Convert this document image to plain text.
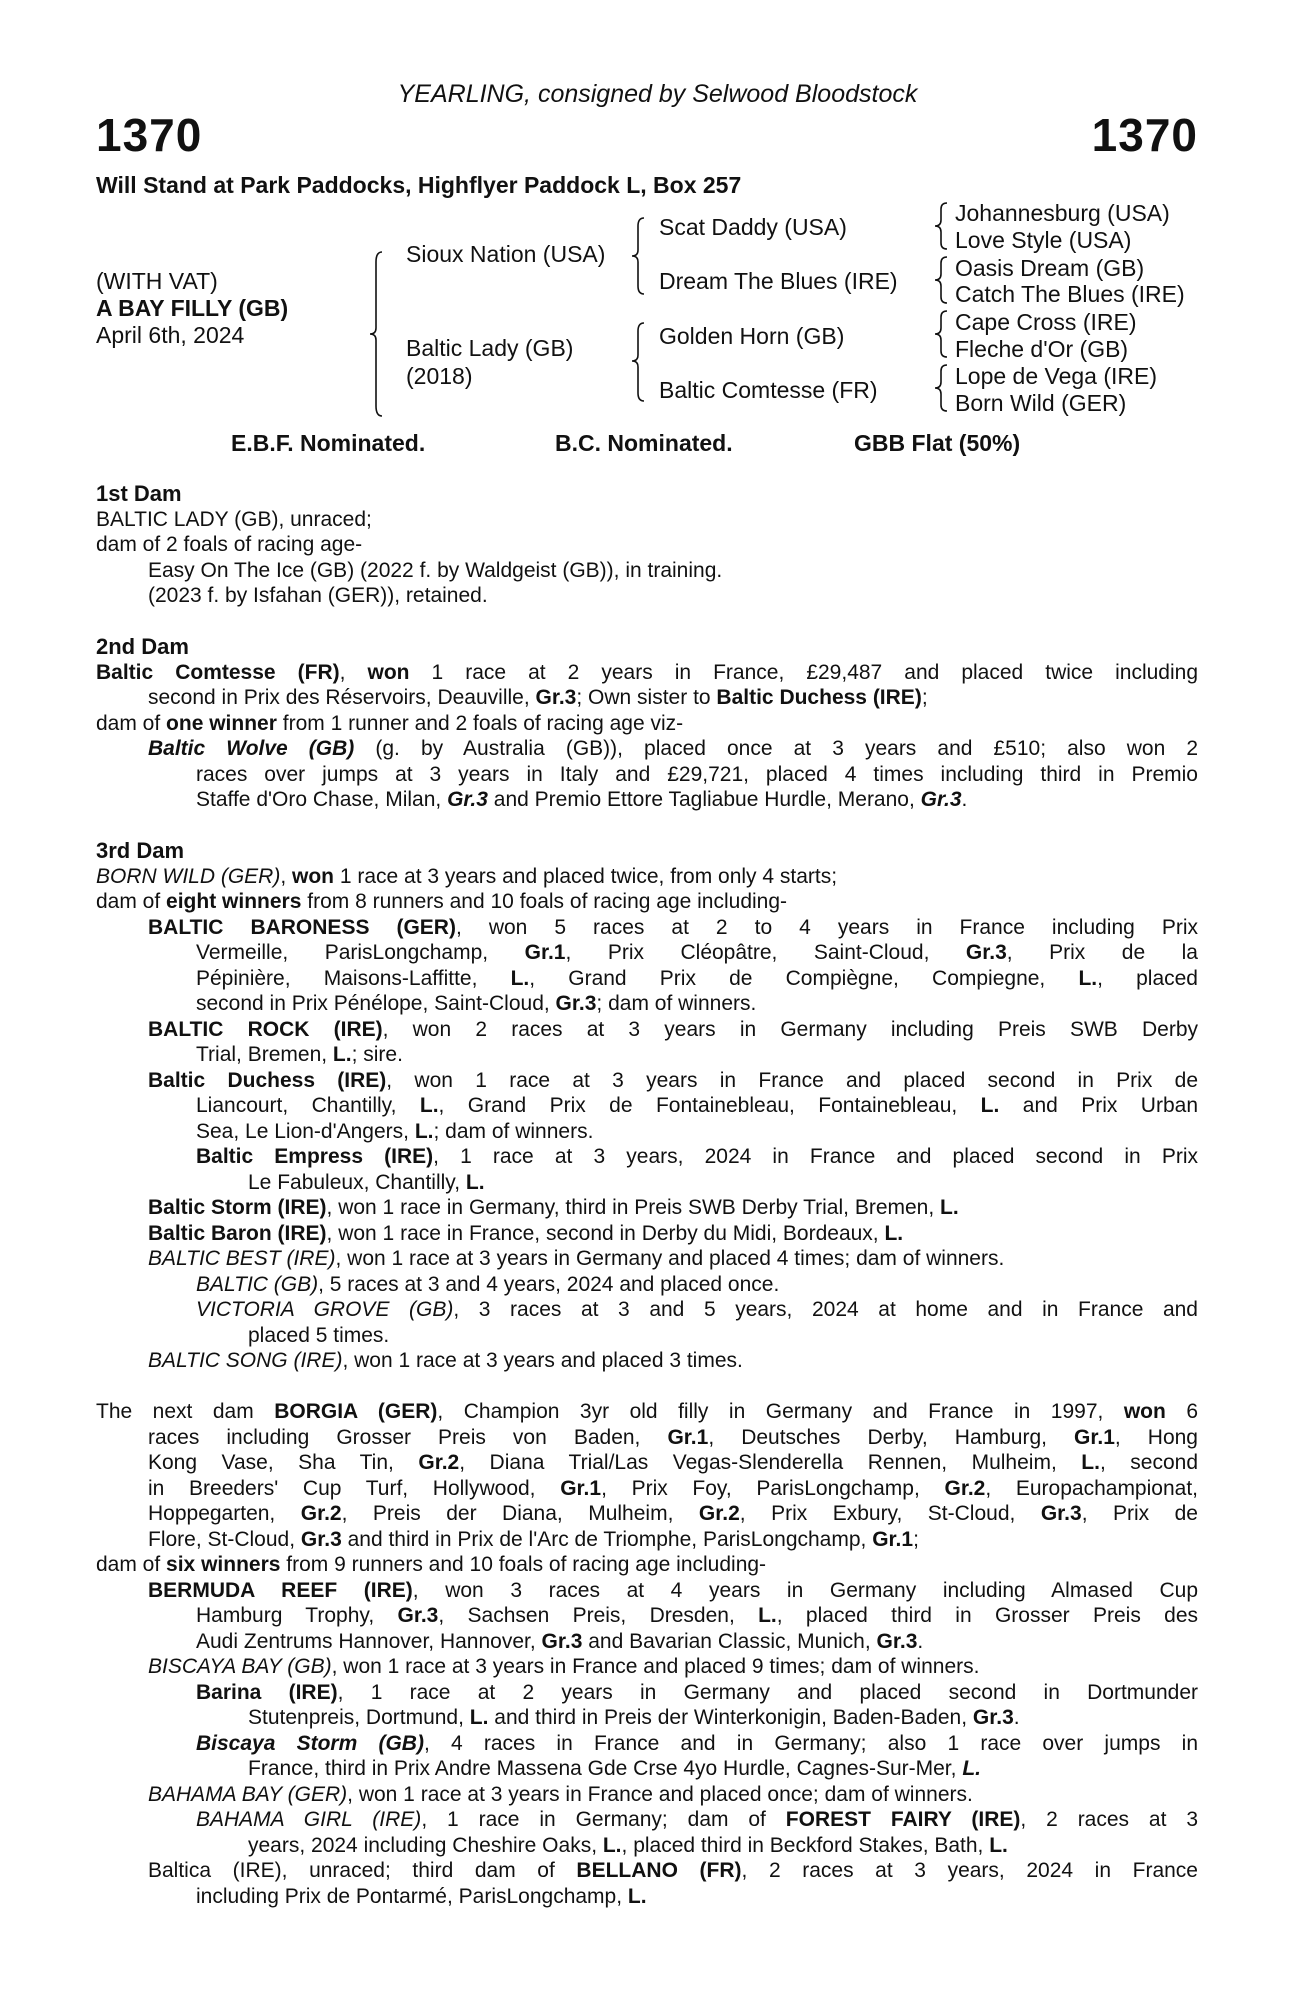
YEARLING, consigned by Selwood Bloodstock
1370	1370
Will Stand at Park Paddocks, Highflyer Paddock L, Box 257
(WITH VAT)
A BAY FILLY (GB)
April 6th, 2024
Sioux Nation (USA)
Baltic Lady (GB)
(2018)
Scat Daddy (USA)
Dream The Blues (IRE)
Golden Horn (GB)
Baltic Comtesse (FR)
Johannesburg (USA)
Love Style (USA)
Oasis Dream (GB)
Catch The Blues (IRE)
Cape Cross (IRE)
Fleche d'Or (GB)
Lope de Vega (IRE)
Born Wild (GER)
E.B.F. Nominated.	B.C. Nominated.	GBB Flat (50%)
1st Dam
BALTIC LADY (GB), unraced;
dam of 2 foals of racing age-
Easy On The Ice (GB) (2022 f. by Waldgeist (GB)), in training.
(2023 f. by Isfahan (GER)), retained.
2nd Dam
Baltic Comtesse (FR), won 1 race at 2 years in France, £29,487 and placed twice including
second in Prix des Réservoirs, Deauville, Gr.3; Own sister to Baltic Duchess (IRE);
dam of one winner from 1 runner and 2 foals of racing age viz-
Baltic Wolve (GB) (g. by Australia (GB)), placed once at 3 years and £510; also won 2
races over jumps at 3 years in Italy and £29,721, placed 4 times including third in Premio
Staffe d'Oro Chase, Milan, Gr.3 and Premio Ettore Tagliabue Hurdle, Merano, Gr.3.
3rd Dam
BORN WILD (GER), won 1 race at 3 years and placed twice, from only 4 starts;
dam of eight winners from 8 runners and 10 foals of racing age including-
BALTIC BARONESS (GER), won 5 races at 2 to 4 years in France including Prix
Vermeille, ParisLongchamp, Gr.1, Prix Cléopâtre, Saint-Cloud, Gr.3, Prix de la
Pépinière, Maisons-Laffitte, L., Grand Prix de Compiègne, Compiegne, L., placed
second in Prix Pénélope, Saint-Cloud, Gr.3; dam of winners.
BALTIC ROCK (IRE), won 2 races at 3 years in Germany including Preis SWB Derby
Trial, Bremen, L.; sire.
Baltic Duchess (IRE), won 1 race at 3 years in France and placed second in Prix de
Liancourt, Chantilly, L., Grand Prix de Fontainebleau, Fontainebleau, L. and Prix Urban
Sea, Le Lion-d'Angers, L.; dam of winners.
Baltic Empress (IRE), 1 race at 3 years, 2024 in France and placed second in Prix
Le Fabuleux, Chantilly, L.
Baltic Storm (IRE), won 1 race in Germany, third in Preis SWB Derby Trial, Bremen, L.
Baltic Baron (IRE), won 1 race in France, second in Derby du Midi, Bordeaux, L.
BALTIC BEST (IRE), won 1 race at 3 years in Germany and placed 4 times; dam of winners.
BALTIC (GB), 5 races at 3 and 4 years, 2024 and placed once.
VICTORIA GROVE (GB), 3 races at 3 and 5 years, 2024 at home and in France and
placed 5 times.
BALTIC SONG (IRE), won 1 race at 3 years and placed 3 times.
The next dam BORGIA (GER), Champion 3yr old filly in Germany and France in 1997, won 6
races including Grosser Preis von Baden, Gr.1, Deutsches Derby, Hamburg, Gr.1, Hong
Kong Vase, Sha Tin, Gr.2, Diana Trial/Las Vegas-Slenderella Rennen, Mulheim, L., second
in Breeders' Cup Turf, Hollywood, Gr.1, Prix Foy, ParisLongchamp, Gr.2, Europachampionat,
Hoppegarten, Gr.2, Preis der Diana, Mulheim, Gr.2, Prix Exbury, St-Cloud, Gr.3, Prix de
Flore, St-Cloud, Gr.3 and third in Prix de l'Arc de Triomphe, ParisLongchamp, Gr.1;
dam of six winners from 9 runners and 10 foals of racing age including-
BERMUDA REEF (IRE), won 3 races at 4 years in Germany including Almased Cup
Hamburg Trophy, Gr.3, Sachsen Preis, Dresden, L., placed third in Grosser Preis des
Audi Zentrums Hannover, Hannover, Gr.3 and Bavarian Classic, Munich, Gr.3.
BISCAYA BAY (GB), won 1 race at 3 years in France and placed 9 times; dam of winners.
Barina (IRE), 1 race at 2 years in Germany and placed second in Dortmunder
Stutenpreis, Dortmund, L. and third in Preis der Winterkonigin, Baden-Baden, Gr.3.
Biscaya Storm (GB), 4 races in France and in Germany; also 1 race over jumps in
France, third in Prix Andre Massena Gde Crse 4yo Hurdle, Cagnes-Sur-Mer, L.
BAHAMA BAY (GER), won 1 race at 3 years in France and placed once; dam of winners.
BAHAMA GIRL (IRE), 1 race in Germany; dam of FOREST FAIRY (IRE), 2 races at 3
years, 2024 including Cheshire Oaks, L., placed third in Beckford Stakes, Bath, L.
Baltica (IRE), unraced; third dam of BELLANO (FR), 2 races at 3 years, 2024 in France
including Prix de Pontarmé, ParisLongchamp, L.
